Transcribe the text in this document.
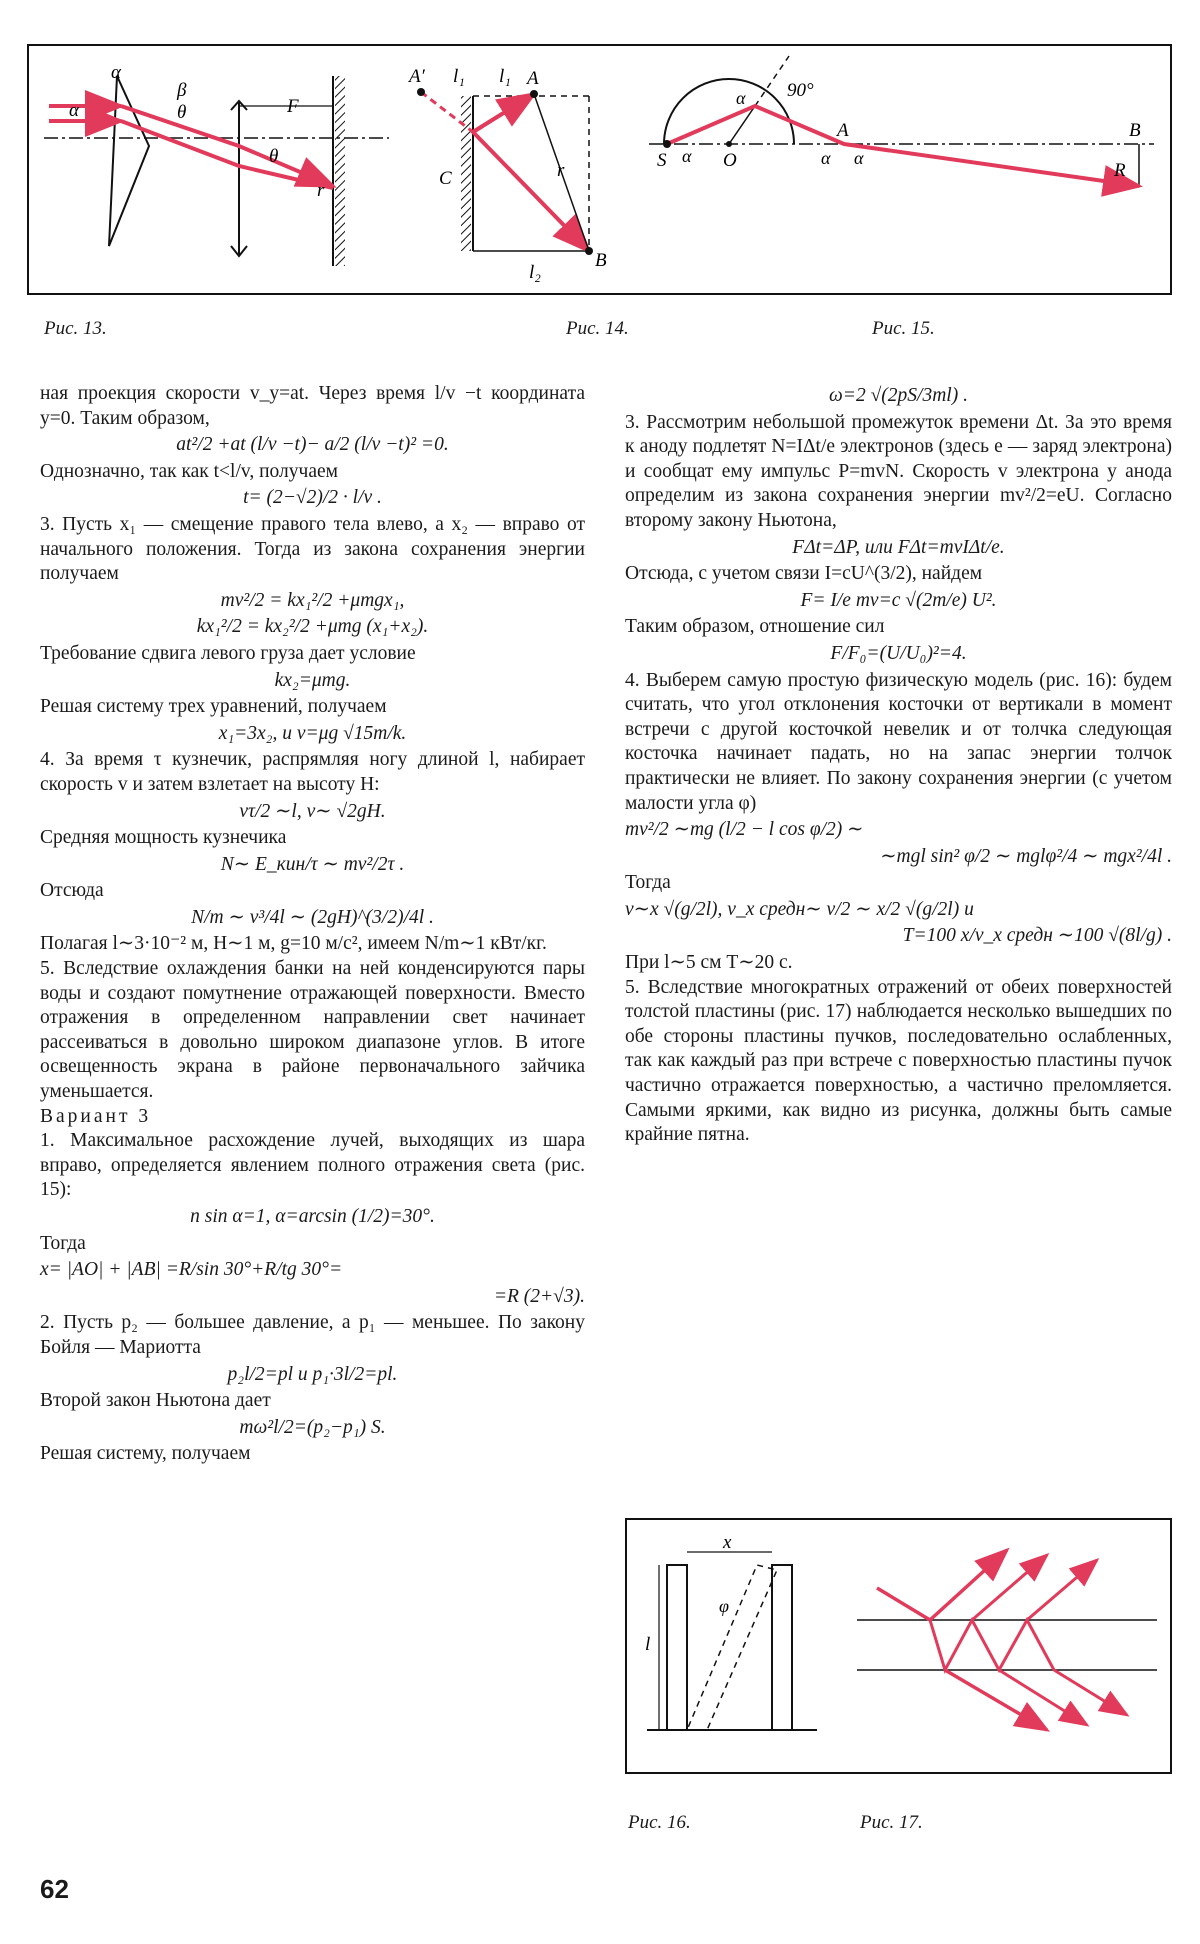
α
α
β
θ
θ
F
r
A′ l₁ l₁ A
C	r
l₂
B
90°
α
S α O
A	B
α α
R
Рис. 13.	Рис. 14.	Рис. 15.

ная проекция скорости v_y=at. Через время l/v −t координата y=0. Таким образом,

at²/2 +at (l/v −t)− a/2 (l/v −t)² =0.

Однозначно, так как t<l/v, получаем

t= (2−√2)/2 · l/v .

3. Пусть x₁ — смещение правого тела влево, а x₂ — вправо от начального положения. Тогда из закона сохранения энергии получаем

mv²/2 = kx₁²/2 +μmgx₁,

kx₁²/2 = kx₂²/2 +μmg (x₁+x₂).

Требование сдвига левого груза дает условие

kx₂=μmg.

Решая систему трех уравнений, получаем

x₁=3x₂, и v=μg √15m/k.

4. За время τ кузнечик, распрямляя ногу длиной l, набирает скорость v и затем взлетает на высоту H:

vτ/2 ∼l, v∼ √2gH.

Средняя мощность кузнечика

N∼ E_кин/τ ∼ mv²/2τ .

Отсюда

N/m ∼ v³/4l ∼ (2gH)^(3/2)/4l .

Полагая l∼3·10⁻² м, H∼1 м, g=10 м/с², имеем N/m∼1 кВт/кг.

5. Вследствие охлаждения банки на ней конденсируются пары воды и создают помутнение отражающей поверхности. Вместо отражения в определенном направлении свет начинает рассеиваться в довольно широком диапазоне углов. В итоге освещенность экрана в районе первоначального зайчика уменьшается.

Вариант 3

1. Максимальное расхождение лучей, выходящих из шара вправо, определяется явлением полного отражения света (рис. 15):

n sin α=1, α=arcsin (1/2)=30°.

Тогда

x= |AO| + |AB| =R/sin 30°+R/tg 30°=

=R (2+√3).

2. Пусть p₂ — большее давление, а p₁ — меньшее. По закону Бойля — Мариотта

p₂l/2=pl и p₁·3l/2=pl.

Второй закон Ньютона дает

mω²l/2=(p₂−p₁) S.

Решая систему, получаем

ω=2 √(2pS/3ml) .

3. Рассмотрим небольшой промежуток времени Δt. За это время к аноду подлетят N=IΔt/e электронов (здесь e — заряд электрона) и сообщат ему импульс P=mvN. Скорость v электрона у анода определим из закона сохранения энергии mv²/2=eU. Согласно второму закону Ньютона,

FΔt=ΔP, или FΔt=mvIΔt/e.

Отсюда, с учетом связи I=cU^(3/2), найдем

F= I/e mv=c √(2m/e) U².

Таким образом, отношение сил

F/F₀=(U/U₀)²=4.

4. Выберем самую простую физическую модель (рис. 16): будем считать, что угол отклонения косточки от вертикали в момент встречи с другой косточкой невелик и от толчка следующая косточка начинает падать, но на запас энергии толчок практически не влияет. По закону сохранения энергии (с учетом малости угла φ)

mv²/2 ∼mg (l/2 − l cos φ/2) ∼

∼mgl sin² φ/2 ∼ mglφ²/4 ∼ mgx²/4l .

Тогда

v∼x √(g/2l), v_x средн∼ v/2 ∼ x/2 √(g/2l) и

T=100 x/v_x средн ∼100 √(8l/g) .

При l∼5 см T∼20 с.

5. Вследствие многократных отражений от обеих поверхностей толстой пластины (рис. 17) наблюдается несколько вышедших по обе стороны пластины пучков, последовательно ослабленных, так как каждый раз при встрече с поверхностью пластины пучок частично отражается поверхностью, а частично преломляется. Самыми яркими, как видно из рисунка, должны быть самые крайние пятна.

x
φ
l
Рис. 16.	Рис. 17.
62
